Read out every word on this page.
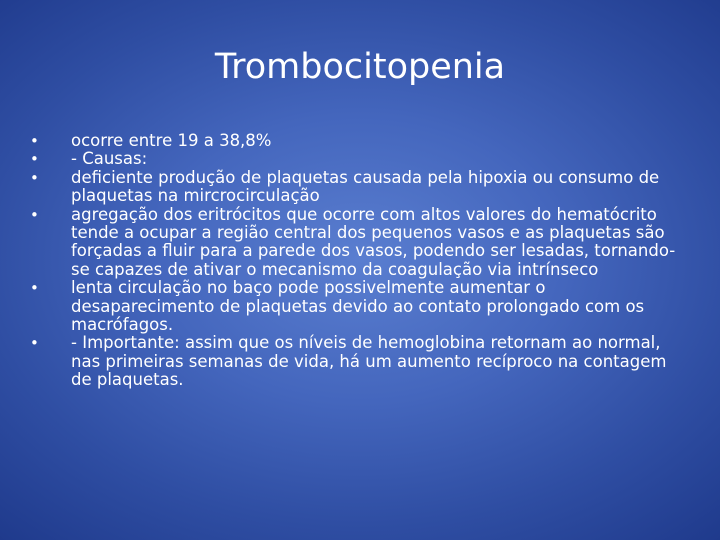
Trombocitopenia
• ocorre entre 19 a 38,8%
• - Causas:
• deficiente produção de plaquetas causada pela hipoxia ou consumo de plaquetas na mircrocirculação
• agregação dos eritrócitos que ocorre com altos valores do hematócrito tende a ocupar a região central dos pequenos vasos e as plaquetas são forçadas a fluir para a parede dos vasos, podendo ser lesadas, tornando-se capazes de ativar o mecanismo da coagulação via intrínseco
• lenta circulação no baço pode possivelmente aumentar o desaparecimento de plaquetas devido ao contato prolongado com os macrófagos.
• - Importante: assim que os níveis de hemoglobina retornam ao normal, nas primeiras semanas de vida, há um aumento recíproco na contagem de plaquetas.
